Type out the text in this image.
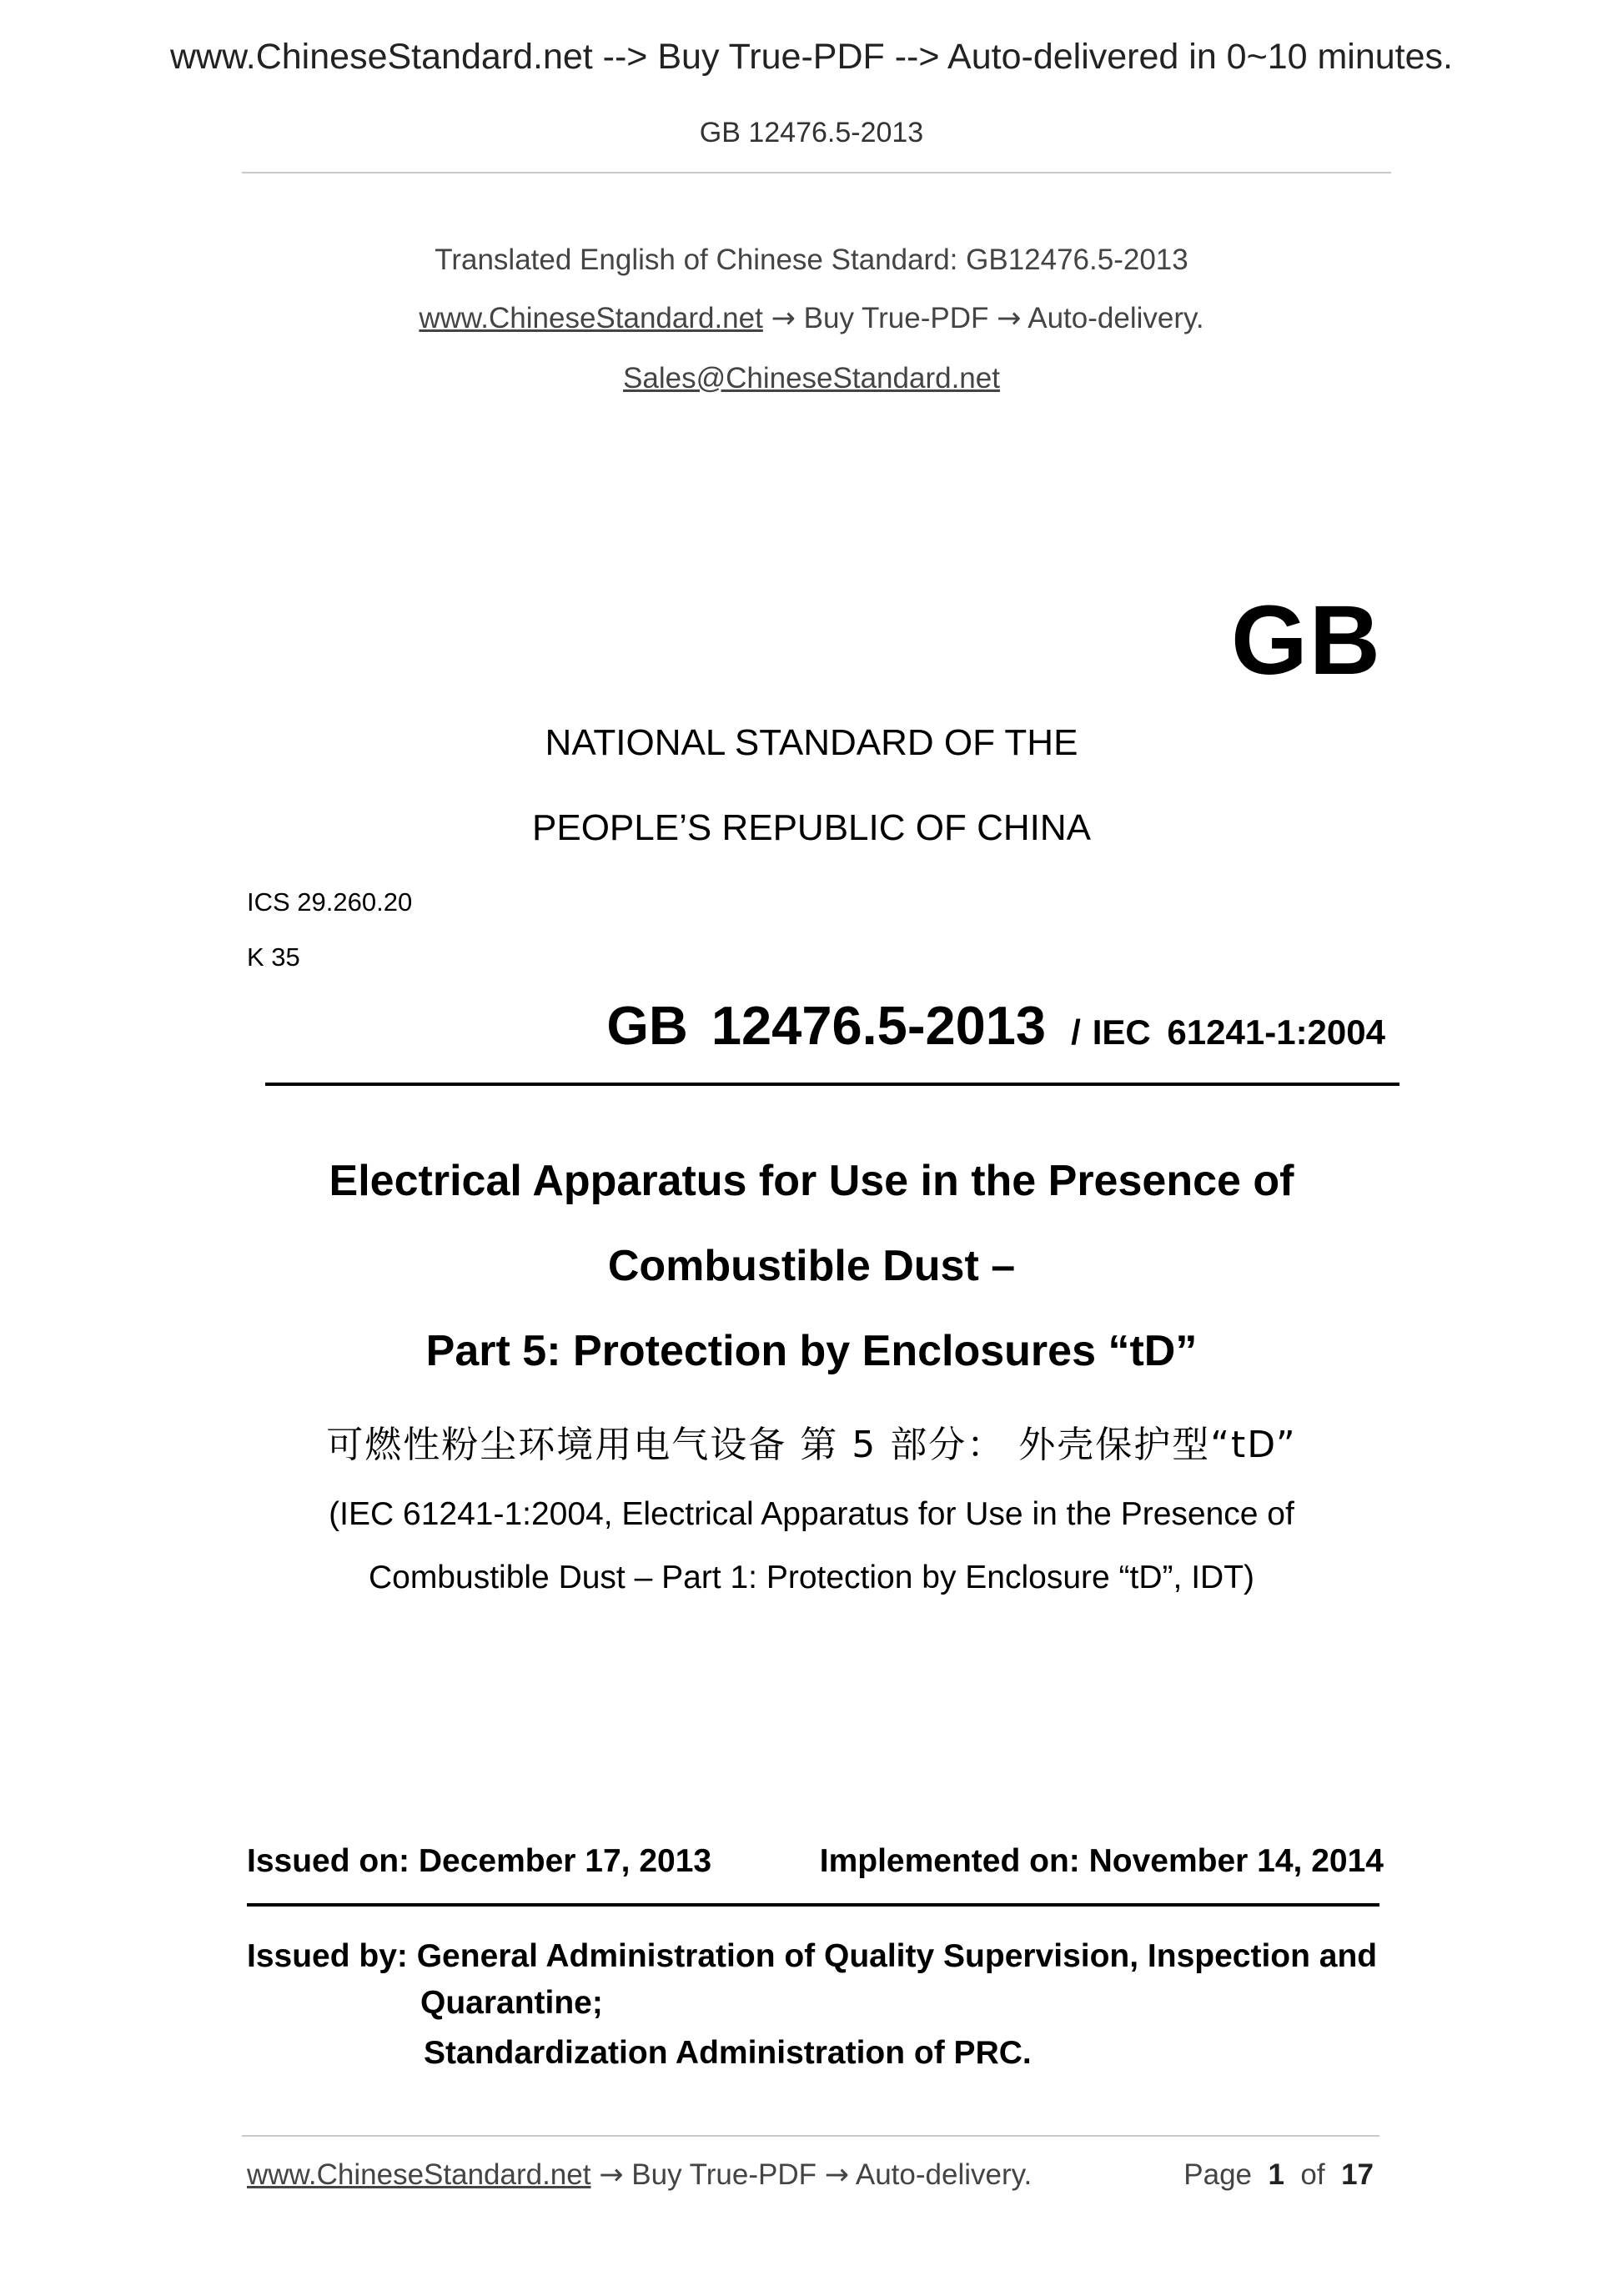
www.ChineseStandard.net --> Buy True-PDF --> Auto-delivered in 0~10 minutes.
GB 12476.5-2013
Translated English of Chinese Standard: GB12476.5-2013
www.ChineseStandard.net → Buy True-PDF → Auto-delivery.
Sales@ChineseStandard.net
GB
NATIONAL STANDARD OF THE
PEOPLE’S REPUBLIC OF CHINA
ICS 29.260.20
K 35
GB 12476.5-2013 / IEC 61241-1:2004
Electrical Apparatus for Use in the Presence of
Combustible Dust –
Part 5: Protection by Enclosures “tD”
可燃性粉尘环境用电气设备 第 5 部分： 外壳保护型“tD”
(IEC 61241-1:2004, Electrical Apparatus for Use in the Presence of
Combustible Dust – Part 1: Protection by Enclosure “tD”, IDT)
Issued on: December 17, 2013	Implemented on: November 14, 2014
Issued by: General Administration of Quality Supervision, Inspection and
Quarantine;
Standardization Administration of PRC.
www.ChineseStandard.net → Buy True-PDF → Auto-delivery.	Page 1 of 17
